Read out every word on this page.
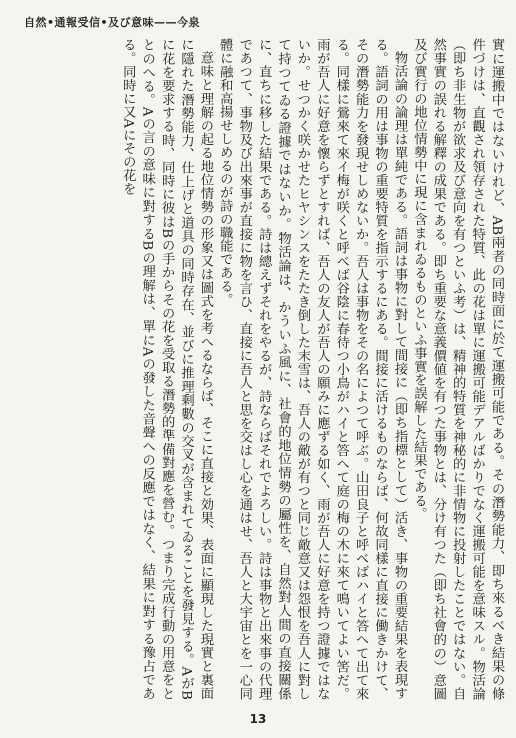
自然•通報受信•及び意味——今泉

實に運搬中ではないけれど、AB兩者の同時面に於て運搬可能である。その潛勢能力、即ち來るべき結果の條件づけは、直觀され領存された特質、此の花は單に運搬可能デアルばかりでなく運搬可能を意味スル。物活論（即ち非生物が欲求及び意向を有つといふ考）は、精神的特質を神秘的に非情物に投射したことではない。自然事實の誤れる解釋の成果である。即ち重要な意義價値を有つた事物とは、分け有つた（即ち社會的の）意圖及び實行の地位情勢中に現に含まれゐるものといふ事實を誤解した結果である。

物活論の論理は單純である。語詞は事物に對して間接に（即ち指標として）活き、事物の重要結果を表現する。語詞の用は事物の重要特質を指示するにある。間接に活けるものならば、何故同樣に直接に働きかけて、その潛勢能力を發現せしめないか。吾人は事物をその名によつて呼ぶ。山田良子と呼べばハイと答へて出て來る。同樣に鶯來て來イ梅が咲くと呼べば谷陰に春待つ小鳥がハイと答へて庭の梅の木に來て鳴いてよい筈だ。雨が吾人に好意を懷らずとすれば、吾人の友人が吾人の願みに應ずる如く、雨が吾人に好意を持つ證據ではないか。せつかく咲かせたヒヤシンスをたたき倒した末雪は、吾人の敵が有つと同じ敵意又は怨恨を吾人に對して持つてゐる證據ではないか。物活論は、かういふ風に、社會的地位情勢の屬性を、自然對人間の直接關係に、直ちに移した結果である。詩は總えずそれをやるが、詩ならばそれでよろしい。詩は事物と出來事の代理であつて、事物及び出來事が直接に物を言ひ、直接に吾人と思を交はし心を通はせ、吾人と大宇宙とを一心同體に融和高揚せしめるのが詩の職能である。

意味と理解の起る地位情勢の形象又は圖式を考へるならば、そこに直接と効果、表面に顯現した現實と裏面に隱れた潛勢能力、仕上げと道具の同時存在、並びに推理剩數の交叉が含まれてゐることを發見する。AがBに花を要求する時、同時に彼はBの手からその花を受取る潛勢的準備對應を營む。つまり完成行動の用意をととのへる。Aの言の意味に對するBの理解は、單にAの發した音聲への反應ではなく、結果に對する豫占である。同時に又Aにその花を

13
